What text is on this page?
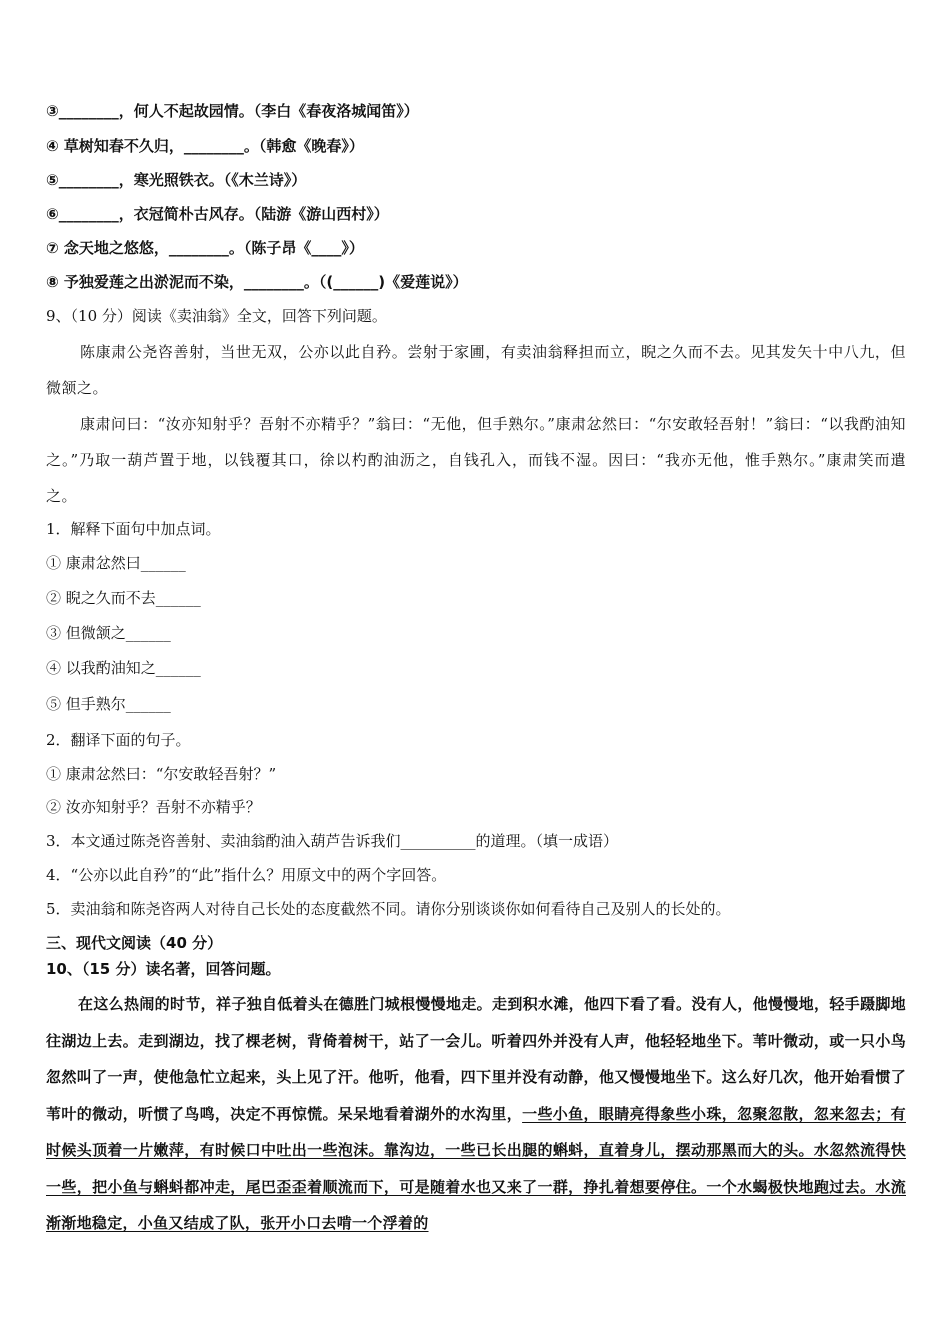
③________，何人不起故园情。（李白《春夜洛城闻笛》）
④ 草树知春不久归，________。（韩愈《晚春》）
⑤________，寒光照铁衣。（《木兰诗》）
⑥________，衣冠简朴古风存。（陆游《游山西村》）
⑦ 念天地之悠悠，________。（陈子昂《____》）
⑧ 予独爱莲之出淤泥而不染，________。（(______)《爱莲说》）
9、（10 分）阅读《卖油翁》全文，回答下列问题。
陈康肃公尧咨善射，当世无双，公亦以此自矜。尝射于家圃，有卖油翁释担而立，睨之久而不去。见其发矢十中八九，但微颔之。
康肃问曰：“汝亦知射乎？吾射不亦精乎？”翁曰：“无他，但手熟尔。”康肃忿然曰：“尔安敢轻吾射！”翁曰：“以我酌油知之。”乃取一葫芦置于地，以钱覆其口，徐以杓酌油沥之，自钱孔入，而钱不湿。因曰：“我亦无他，惟手熟尔。”康肃笑而遣之。
1．解释下面句中加点词。
① 康肃忿然曰______
② 睨之久而不去______
③ 但微颔之______
④ 以我酌油知之______
⑤ 但手熟尔______
2．翻译下面的句子。
① 康肃忿然曰：“尔安敢轻吾射？”
② 汝亦知射乎？吾射不亦精乎？
3．本文通过陈尧咨善射、卖油翁酌油入葫芦告诉我们__________的道理。（填一成语）
4．“公亦以此自矜”的“此”指什么？用原文中的两个字回答。
5．卖油翁和陈尧咨两人对待自己长处的态度截然不同。请你分别谈谈你如何看待自己及别人的长处的。
三、现代文阅读（40 分）
10、（15 分）读名著，回答问题。
在这么热闹的时节，祥子独自低着头在德胜门城根慢慢地走。走到积水滩，他四下看了看。没有人，他慢慢地，轻手蹑脚地往湖边上去。走到湖边，找了棵老树，背倚着树干，站了一会儿。听着四外并没有人声，他轻轻地坐下。苇叶微动，或一只小鸟忽然叫了一声，使他急忙立起来，头上见了汗。他听，他看，四下里并没有动静，他又慢慢地坐下。这么好几次，他开始看惯了苇叶的微动，听惯了鸟鸣，决定不再惊慌。呆呆地看着湖外的水沟里，一些小鱼，眼睛亮得象些小珠，忽聚忽散，忽来忽去；有时候头顶着一片嫩萍，有时候口中吐出一些泡沫。靠沟边，一些已长出腿的蝌蚪，直着身儿，摆动那黑而大的头。水忽然流得快一些，把小鱼与蝌蚪都冲走，尾巴歪歪着顺流而下，可是随着水也又来了一群，挣扎着想要停住。一个水蝎极快地跑过去。水流渐渐地稳定，小鱼又结成了队，张开小口去啃一个浮着的
